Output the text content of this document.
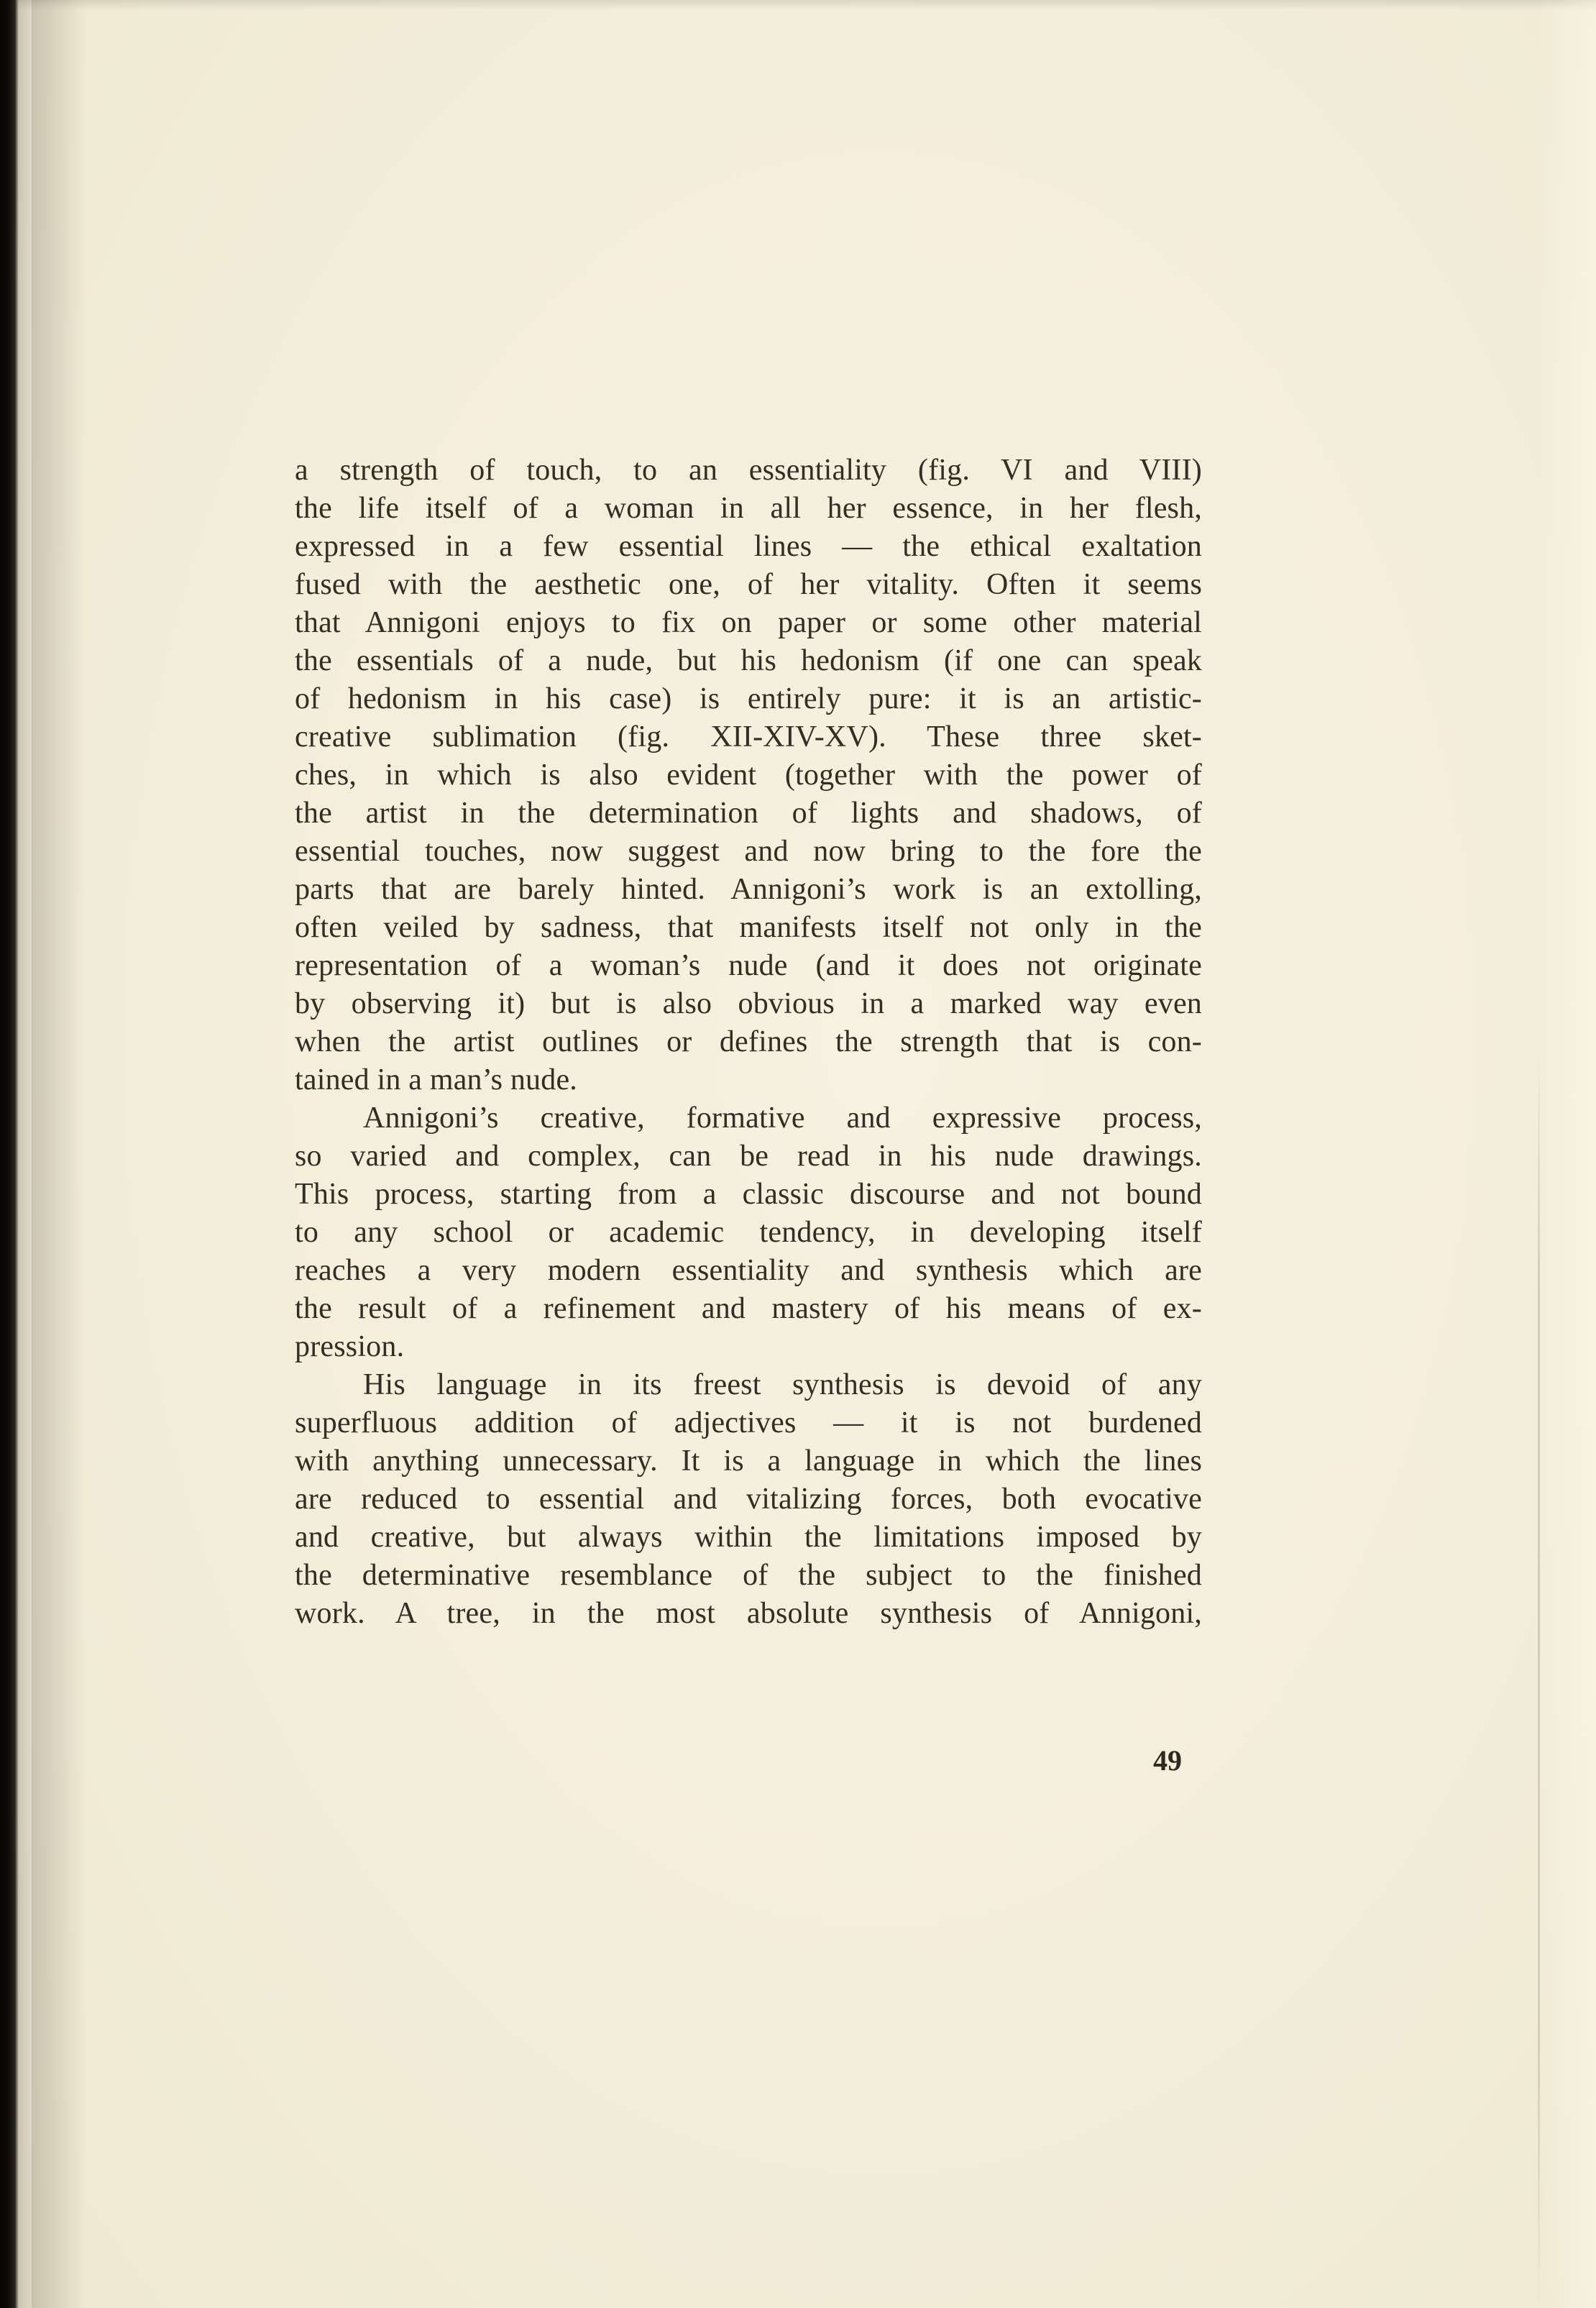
a strength of touch, to an essentiality (fig. VI and VIII)
the life itself of a woman in all her essence, in her flesh,
expressed in a few essential lines — the ethical exaltation
fused with the aesthetic one, of her vitality. Often it seems
that Annigoni enjoys to fix on paper or some other material
the essentials of a nude, but his hedonism (if one can speak
of hedonism in his case) is entirely pure: it is an artistic-
creative sublimation (fig. XII-XIV-XV). These three sket-
ches, in which is also evident (together with the power of
the artist in the determination of lights and shadows, of
essential touches, now suggest and now bring to the fore the
parts that are barely hinted. Annigoni’s work is an extolling,
often veiled by sadness, that manifests itself not only in the
representation of a woman’s nude (and it does not originate
by observing it) but is also obvious in a marked way even
when the artist outlines or defines the strength that is con-
tained in a man’s nude.
Annigoni’s creative, formative and expressive process,
so varied and complex, can be read in his nude drawings.
This process, starting from a classic discourse and not bound
to any school or academic tendency, in developing itself
reaches a very modern essentiality and synthesis which are
the result of a refinement and mastery of his means of ex-
pression.
His language in its freest synthesis is devoid of any
superfluous addition of adjectives — it is not burdened
with anything unnecessary. It is a language in which the lines
are reduced to essential and vitalizing forces, both evocative
and creative, but always within the limitations imposed by
the determinative resemblance of the subject to the finished
work. A tree, in the most absolute synthesis of Annigoni,
49
